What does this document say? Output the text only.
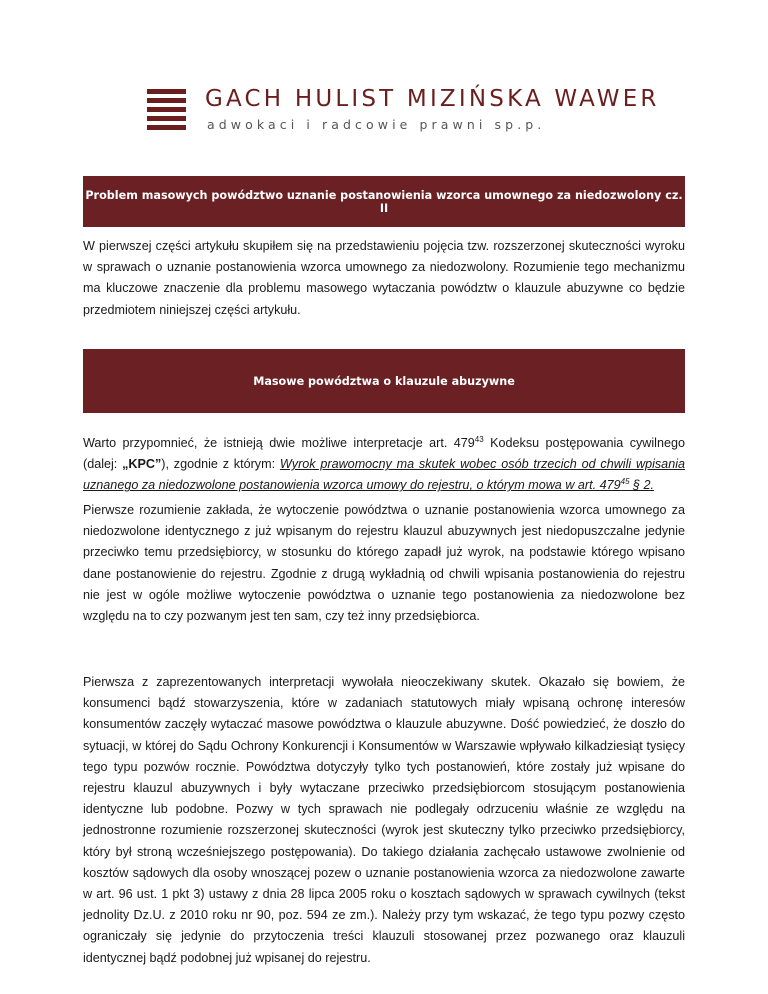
GACH HULIST MIZIŃSKA WAWER
adwokaci i radcowie prawni sp.p.
Problem masowych powództwo uznanie postanowienia wzorca umownego za niedozwolony cz. II

W pierwszej części artykułu skupiłem się na przedstawieniu pojęcia tzw. rozszerzonej skuteczności wyroku w sprawach o uznanie postanowienia wzorca umownego za niedozwolony. Rozumienie tego mechanizmu ma kluczowe znaczenie dla problemu masowego wytaczania powództw o klauzule abuzywne co będzie przedmiotem niniejszej części artykułu.

Masowe powództwa o klauzule abuzywne

Warto przypomnieć, że istnieją dwie możliwe interpretacje art. $479^{43}$ Kodeksu postępowania cywilnego (dalej: „KPC”), zgodnie z którym: Wyrok prawomocny ma skutek wobec osób trzecich od chwili wpisania uznanego za niedozwolone postanowienia wzorca umowy do rejestru, o którym mowa w art. $479^{45}$ § 2.

Pierwsze rozumienie zakłada, że wytoczenie powództwa o uznanie postanowienia wzorca umownego za niedozwolone identycznego z już wpisanym do rejestru klauzul abuzywnych jest niedopuszczalne jedynie przeciwko temu przedsiębiorcy, w stosunku do którego zapadł już wyrok, na podstawie którego wpisano dane postanowienie do rejestru. Zgodnie z drugą wykładnią od chwili wpisania postanowienia do rejestru nie jest w ogóle możliwe wytoczenie powództwa o uznanie tego postanowienia za niedozwolone bez względu na to czy pozwanym jest ten sam, czy też inny przedsiębiorca.

Pierwsza z zaprezentowanych interpretacji wywołała nieoczekiwany skutek. Okazało się bowiem, że konsumenci bądź stowarzyszenia, które w zadaniach statutowych miały wpisaną ochronę interesów konsumentów zaczęły wytaczać masowe powództwa o klauzule abuzywne. Dość powiedzieć, że doszło do sytuacji, w której do Sądu Ochrony Konkurencji i Konsumentów w Warszawie wpływało kilkadziesiąt tysięcy tego typu pozwów rocznie. Powództwa dotyczyły tylko tych postanowień, które zostały już wpisane do rejestru klauzul abuzywnych i były wytaczane przeciwko przedsiębiorcom stosującym postanowienia identyczne lub podobne. Pozwy w tych sprawach nie podlegały odrzuceniu właśnie ze względu na jednostronne rozumienie rozszerzonej skuteczności (wyrok jest skuteczny tylko przeciwko przedsiębiorcy, który był stroną wcześniejszego postępowania). Do takiego działania zachęcało ustawowe zwolnienie od kosztów sądowych dla osoby wnoszącej pozew o uznanie postanowienia wzorca za niedozwolone zawarte w art. 96 ust. 1 pkt 3) ustawy z dnia 28 lipca 2005 roku o kosztach sądowych w sprawach cywilnych (tekst jednolity Dz.U. z 2010 roku nr 90, poz. 594 ze zm.). Należy przy tym wskazać, że tego typu pozwy często ograniczały się jedynie do przytoczenia treści klauzuli stosowanej przez pozwanego oraz klauzuli identycznej bądź podobnej już wpisanej do rejestru.
